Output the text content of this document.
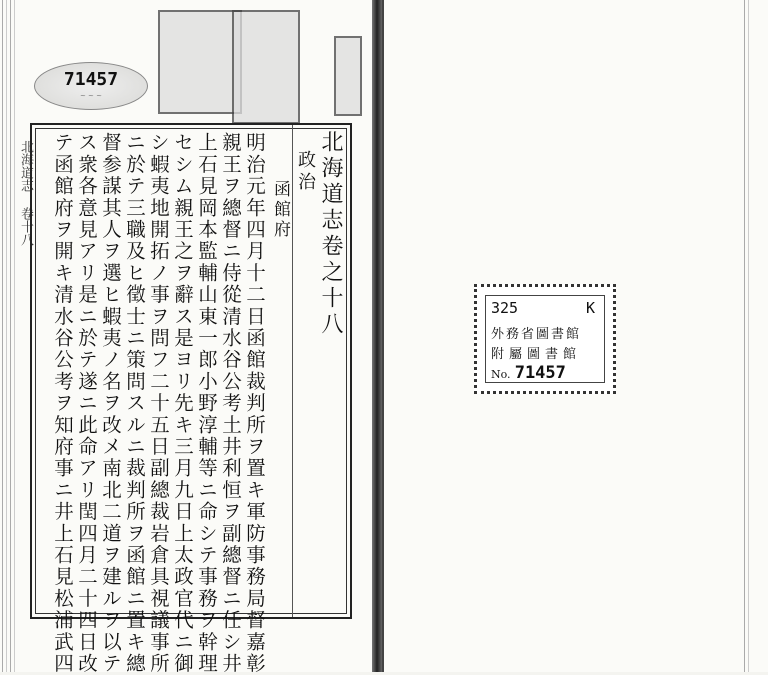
北海道志 卷十八
71457
~ ~ ~
北海道志卷之十八
政治
函館府
明治元年四月十二日函館裁判所ヲ置キ軍防事務局督嘉彰
親王ヲ總督ニ侍從清水谷公考土井利恒ヲ副總督ニ任シ井
上石見岡本監輔山東一郎小野淳輔等ニ命シテ事務ヲ幹理
セシム親王之ヲ辭ス是ヨリ先キ三月九日上太政官代ニ御
シ蝦夷地開拓ノ事ヲ問フ二十五日副總裁岩倉具視議事所
ニ於テ三職及ヒ徵士ニ策問スルニ裁判所ヲ函館ニ置キ總
督参謀其人ヲ選ヒ蝦夷ノ名ヲ改メ南北二道ヲ建ルヲ以テ
ス衆各意見アリ是ニ於テ遂ニ此命アリ閏四月二十四日改
テ函館府ヲ開キ清水谷公考ヲ知府事ニ井上石見松浦武四	325	K
外務省圖書館
附屬圖書館
No. 71457
